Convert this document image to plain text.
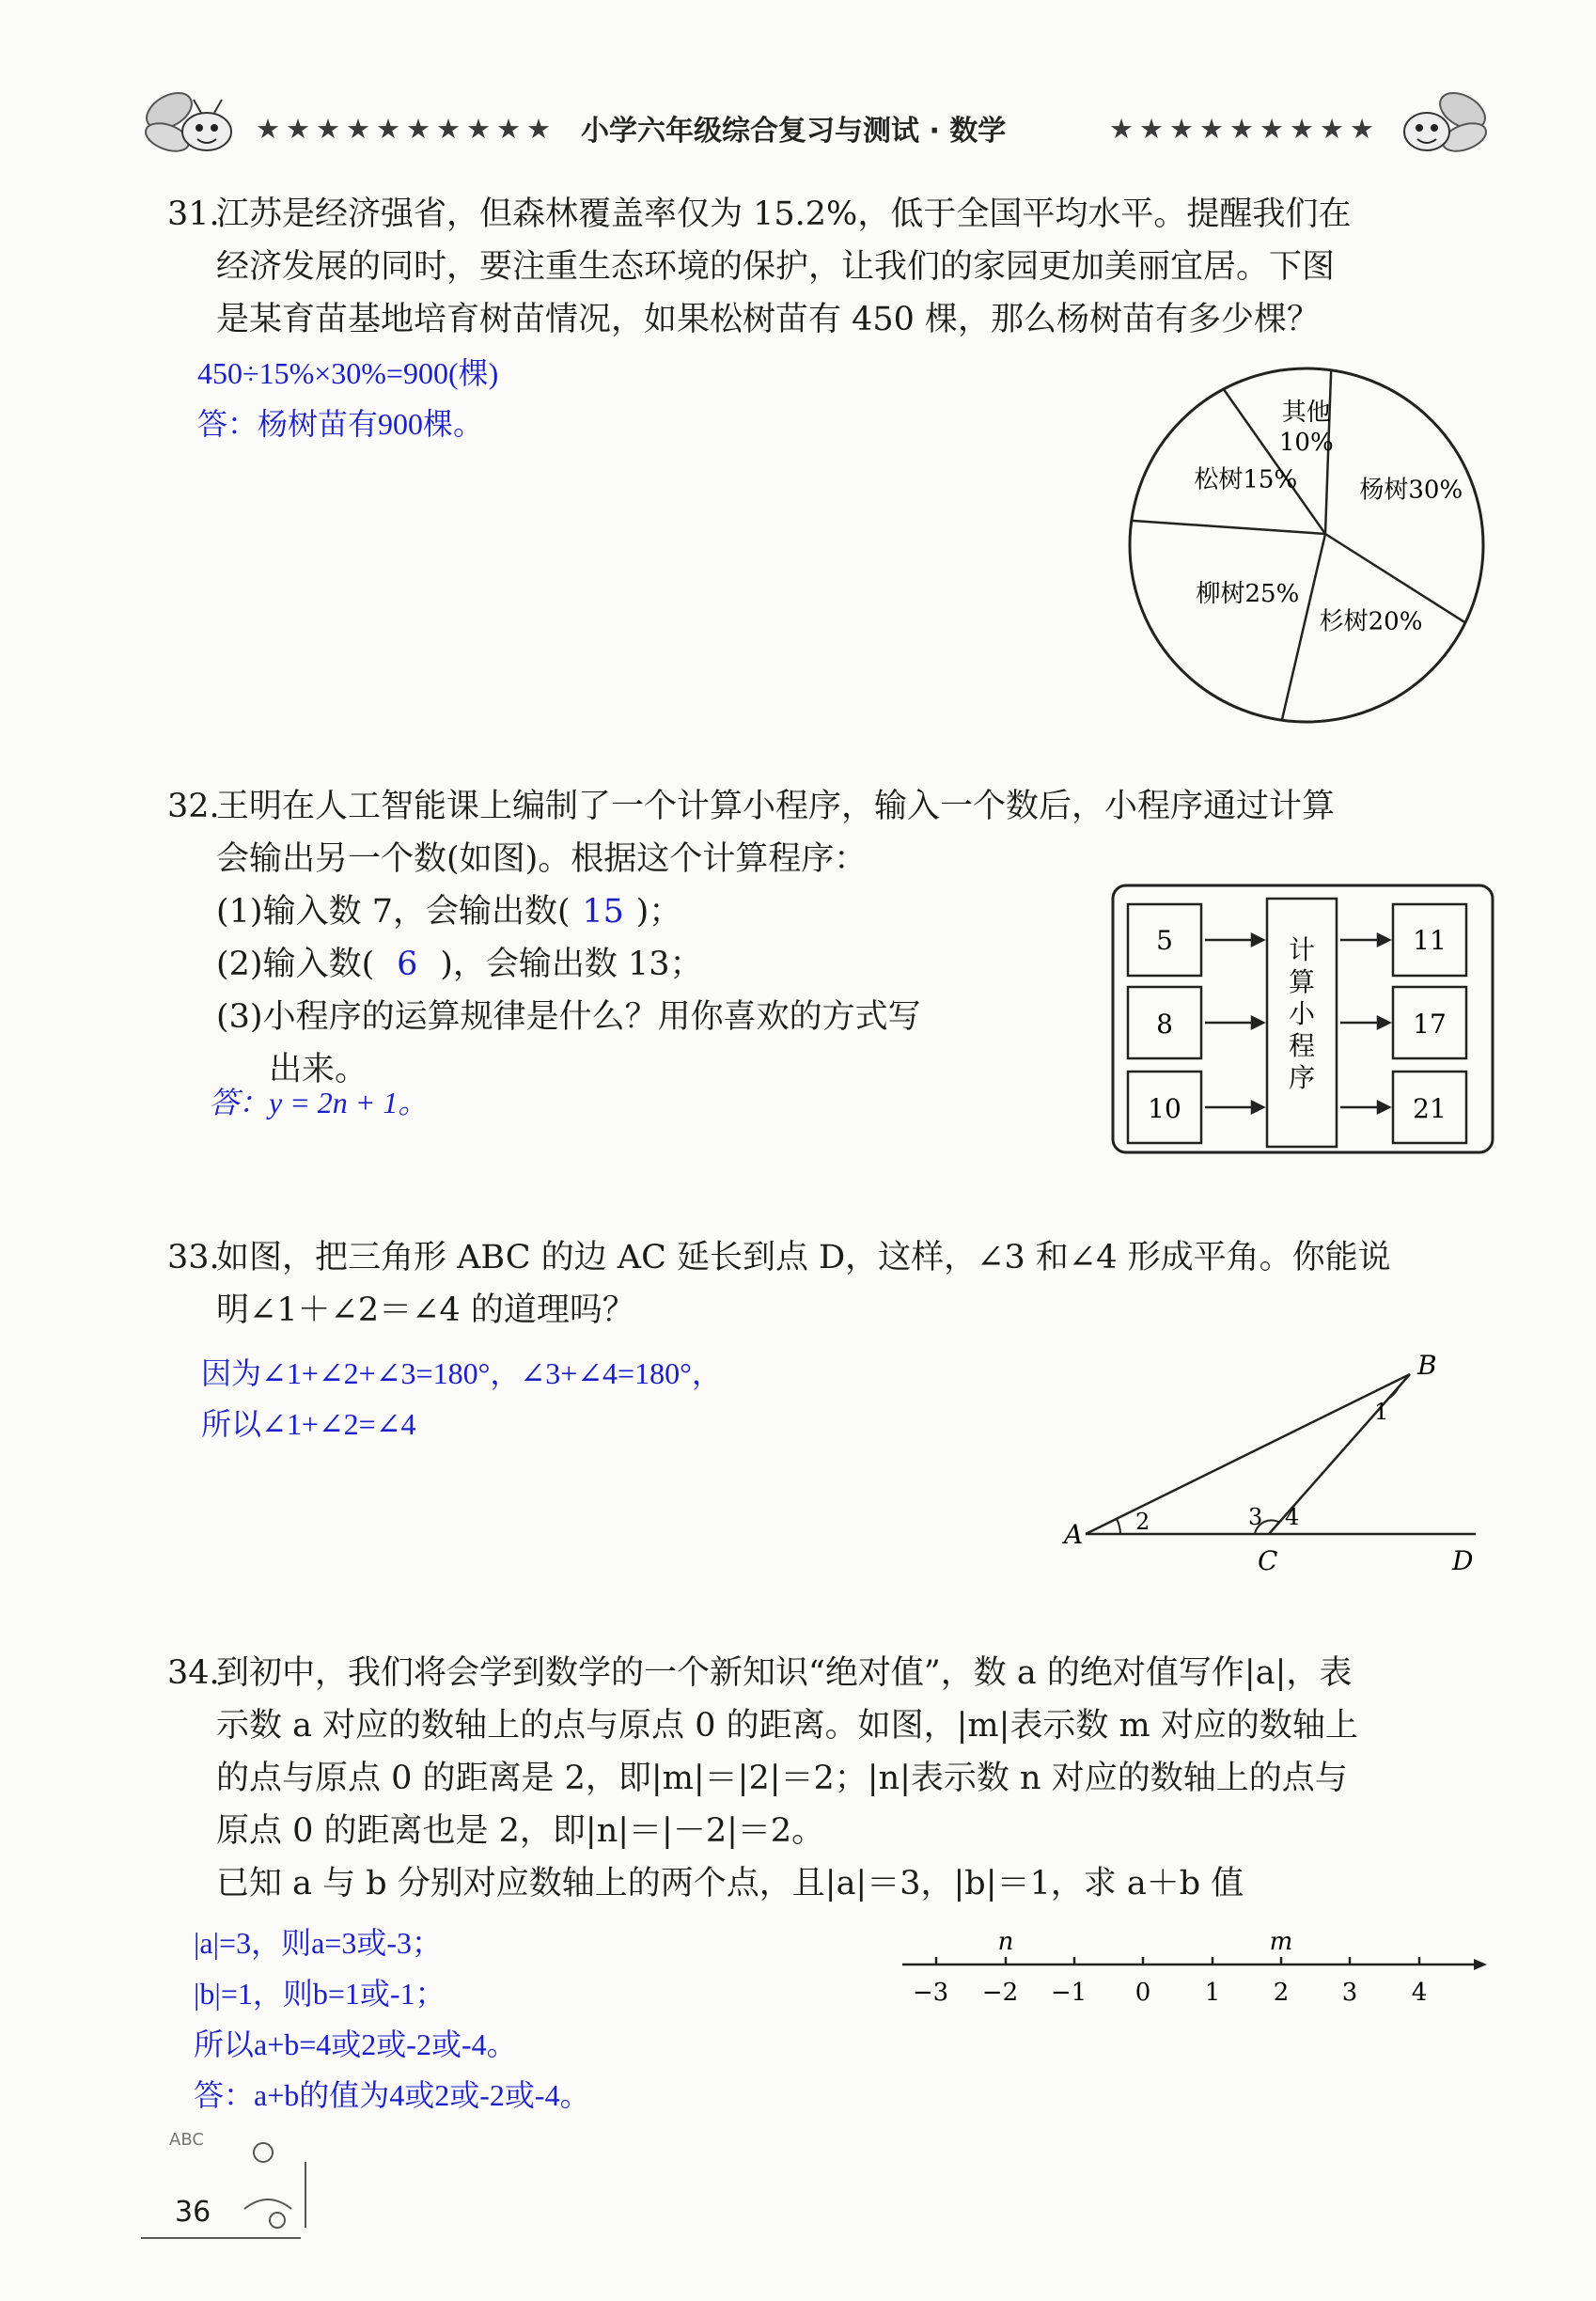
★★★★★★★★★★ 小学六年级综合复习与测试 · 数学	★★★★★★★★★
31.
江苏是经济强省，但森林覆盖率仅为 15.2%，低于全国平均水平。提醒我们在
经济发展的同时，要注重生态环境的保护，让我们的家园更加美丽宜居。下图
是某育苗基地培育树苗情况，如果松树苗有 450 棵，那么杨树苗有多少棵？
450÷15%×30%=900(棵)
答：杨树苗有900棵。
杨树30%
杉树20%
柳树25%
松树15%
其他
10%
32.
王明在人工智能课上编制了一个计算小程序，输入一个数后，小程序通过计算
会输出另一个数(如图)。根据这个计算程序：
(1)输入数 7，会输出数( 15 )；
(2)输入数( 6 )，会输出数 13；
(3)小程序的运算规律是什么？用你喜欢的方式写
出来。
答：y = 2n + 1。
5
8
10
计
算
小
程
序
11
17
21
33.
如图，把三角形 ABC 的边 AC 延长到点 D，这样，∠3 和∠4 形成平角。你能说
明∠1＋∠2＝∠4 的道理吗？
因为∠1+∠2+∠3=180°，∠3+∠4=180°，
所以∠1+∠2=∠4
A
B
C	D
1
2	3 4
34.
到初中，我们将会学到数学的一个新知识“绝对值”，数 a 的绝对值写作|a|，表
示数 a 对应的数轴上的点与原点 0 的距离。如图，|m|表示数 m 对应的数轴上
的点与原点 0 的距离是 2，即|m|＝|2|＝2；|n|表示数 n 对应的数轴上的点与
原点 0 的距离也是 2，即|n|＝|－2|＝2。
已知 a 与 b 分别对应数轴上的两个点，且|a|＝3，|b|＝1，求 a＋b 值
|a|=3，则a=3或-3；
|b|=1，则b=1或-1；
所以a+b=4或2或-2或-4。
答：a+b的值为4或2或-2或-4。
−3 −2 −1 0 1 2 3 4
n	m
ABC
36
